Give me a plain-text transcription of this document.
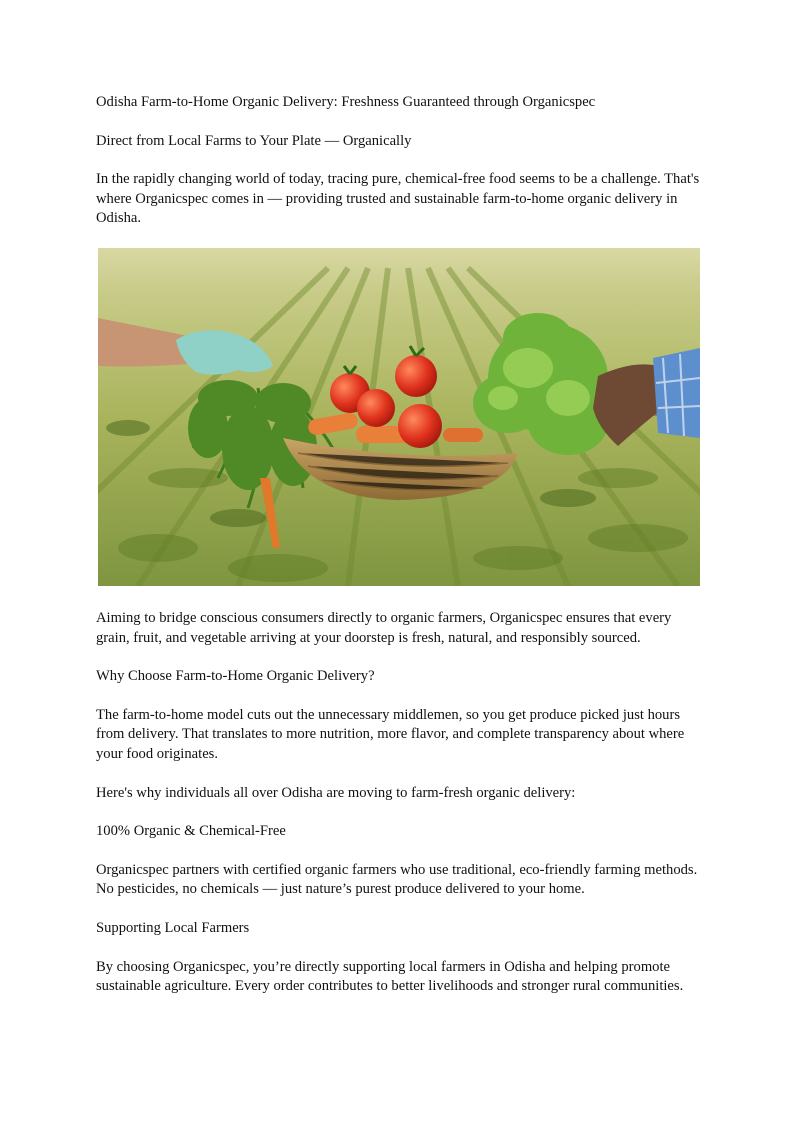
Odisha Farm-to-Home Organic Delivery: Freshness Guaranteed through Organicspec

Direct from Local Farms to Your Plate — Organically

In the rapidly changing world of today, tracing pure, chemical-free food seems to be a challenge. That's where Organicspec comes in — providing trusted and sustainable farm-to-home organic delivery in Odisha.

Aiming to bridge conscious consumers directly to organic farmers, Organicspec ensures that every grain, fruit, and vegetable arriving at your doorstep is fresh, natural, and responsibly sourced.

Why Choose Farm-to-Home Organic Delivery?

The farm-to-home model cuts out the unnecessary middlemen, so you get produce picked just hours from delivery. That translates to more nutrition, more flavor, and complete transparency about where your food originates.

Here's why individuals all over Odisha are moving to farm-fresh organic delivery:

100% Organic & Chemical-Free

Organicspec partners with certified organic farmers who use traditional, eco-friendly farming methods. No pesticides, no chemicals — just nature’s purest produce delivered to your home.

Supporting Local Farmers

By choosing Organicspec, you’re directly supporting local farmers in Odisha and helping promote sustainable agriculture. Every order contributes to better livelihoods and stronger rural communities.
